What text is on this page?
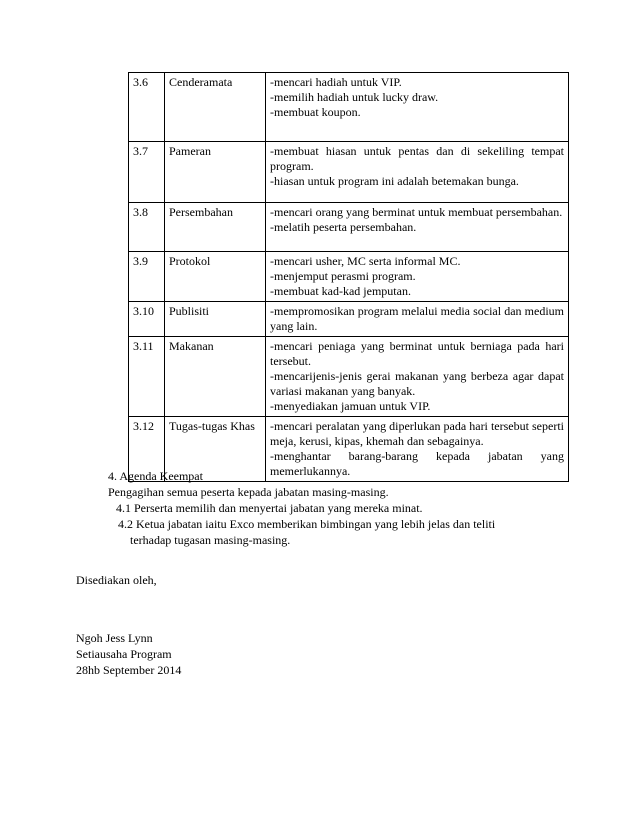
3.6	Cenderamata	-mencari hadiah untuk VIP.
-memilih hadiah untuk lucky draw.
-membuat koupon.

3.7	Pameran	-membuat hiasan untuk pentas dan di sekeliling tempat program.
-hiasan untuk program ini adalah betemakan bunga.

3.8	Persembahan	-mencari orang yang berminat untuk membuat persembahan.
-melatih peserta persembahan.

3.9	Protokol	-mencari usher, MC serta informal MC.
-menjemput perasmi program.
-membuat kad-kad jemputan.

3.10	Publisiti	-mempromosikan program melalui media social dan medium yang lain.

3.11	Makanan	-mencari peniaga yang berminat untuk berniaga pada hari tersebut.
-mencarijenis-jenis gerai makanan yang berbeza agar dapat variasi makanan yang banyak.
-menyediakan jamuan untuk VIP.

3.12	Tugas-tugas Khas	-mencari peralatan yang diperlukan pada hari tersebut seperti meja, kerusi, kipas, khemah dan sebagainya.
-menghantar barang-barang kepada jabatan yang memerlukannya.
4. Agenda Keempat
Pengagihan semua peserta kepada jabatan masing-masing.
4.1 Perserta memilih dan menyertai jabatan yang mereka minat.
4.2 Ketua jabatan iaitu Exco memberikan bimbingan yang lebih jelas dan teliti
terhadap tugasan masing-masing.
Disediakan oleh,
Ngoh Jess Lynn
Setiausaha Program
28hb September 2014
